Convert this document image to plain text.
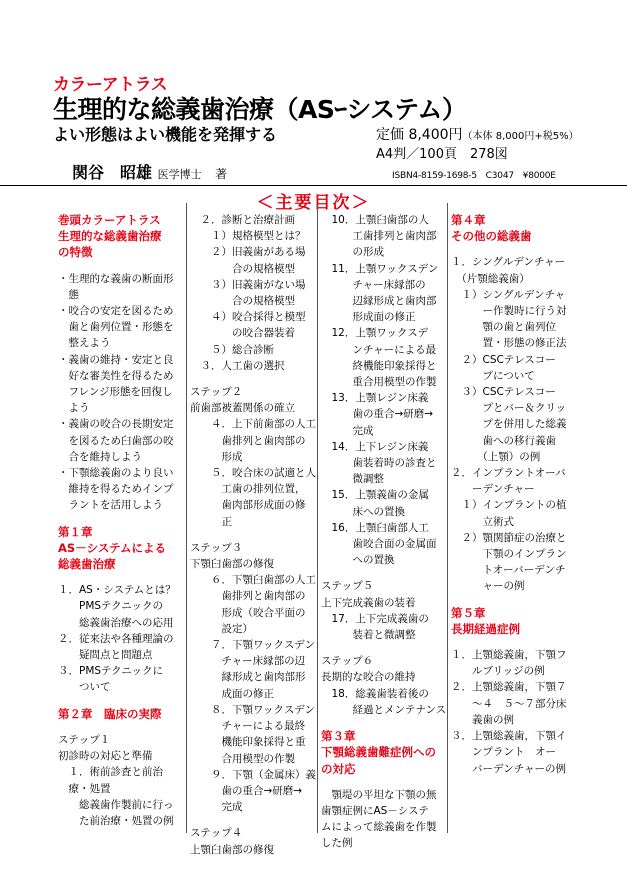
カラーアトラス
生理的な総義歯治療（ASｰシステム）
よい形態はよい機能を発揮する	定価 8,400円（本体 8,000円+税5%）
A4判／100頁　278図
関谷　昭雄 医学博士 著	ISBN4-8159-1698-5　C3047　¥8000E
＜主要目次＞
巻頭カラーアトラス
生理的な総義歯治療
の特徴
・生理的な義歯の断面形
　態
・咬合の安定を図るため
　歯と歯列位置・形態を
　整えよう
・義歯の維持・安定と良
　好な審美性を得るため
　フレンジ形態を回復し
　よう
・義歯の咬合の長期安定
　を図るため臼歯部の咬
　合を維持しよう
・下顎総義歯のより良い
　維持を得るためインプ
　ラントを活用しよう
第１章
AS－システムによる
総義歯治療
１．AS・システムとは？
　　PMSテクニックの
　　総義歯治療への応用
２．従来法や各種理論の
　　疑問点と問題点
３．PMSテクニックに
　　ついて
第２章　臨床の実際
ステップ１
初診時の対応と準備
　１．術前診査と前治
　療・処置
　　総義歯作製前に行っ
　　た前治療・処置の例
　２．診断と治療計画
　　１）規格模型とは？
　　２）旧義歯がある場
　　　　合の規格模型
　　３）旧義歯がない場
　　　　合の規格模型
　　４）咬合採得と模型
　　　　の咬合器装着
　　５）総合診断
　３．人工歯の選択
ステップ２
前歯部被蓋関係の確立
　　４．上下前歯部の人工
　　　歯排列と歯肉部の
　　　形成
　　５．咬合床の試適と人
　　　工歯の排列位置，
　　　歯肉部形成面の修
　　　正
ステップ３
下顎臼歯部の修復
　　６．下顎臼歯部の人工
　　　歯排列と歯肉部の
　　　形成（咬合平面の
　　　設定）
　　７．下顎ワックスデン
　　　チャー床縁部の辺
　　　縁形成と歯肉部形
　　　成面の修正
　　８．下顎ワックスデン
　　　チャーによる最終
　　　機能印象採得と重
　　　合用模型の作製
　　９．下顎（金属床）義
　　　歯の重合→研磨→
　　　完成
ステップ４
上顎臼歯部の修復
　10．上顎臼歯部の人
　　　工歯排列と歯肉部
　　　の形成
　11．上顎ワックスデン
　　　チャー床縁部の
　　　辺縁形成と歯肉部
　　　形成面の修正
　12．上顎ワックスデ
　　　ンチャーによる最
　　　終機能印象採得と
　　　重合用模型の作製
　13．上顎レジン床義
　　　歯の重合→研磨→
　　　完成
　14．上下レジン床義
　　　歯装着時の診査と
　　　微調整
　15．上顎義歯の金属
　　　床への置換
　16．上顎臼歯部人工
　　　歯咬合面の金属面
　　　への置換
ステップ５
上下完成義歯の装着
　17．上下完成義歯の
　　　装着と微調整
ステップ６
長期的な咬合の維持
　18．総義歯装着後の
　　　経過とメンテナンス
第３章
下顎総義歯難症例への
の対応
　顎堤の平坦な下顎の無
歯顎症例にAS－システ
ムによって総義歯を作製
した例
第４章
その他の総義歯
１．シングルデンチャー
　（片顎総義歯）
　１）シングルデンチャ
　　　ー作製時に行う対
　　　顎の歯と歯列位
　　　置・形態の修正法
　２）CSCテレスコー
　　　プについて
　３）CSCテレスコー
　　　プとバー＆クリッ
　　　プを併用した総義
　　　歯への移行義歯
　　　（上顎）の例
２．インプラントオーバ
　　ーデンチャー
　１）インプラントの植
　　　立術式
　２）顎関節症の治療と
　　　下顎のインプラン
　　　トオーバーデンチ
　　　ャーの例
第５章
長期経過症例
１．上顎総義歯，下顎フ
　　ルブリッジの例
２．上顎総義歯，下顎７
　　～４　５～７部分床
　　義歯の例
３．上顎総義歯，下顎イ
　　ンプラント　オー
　　バーデンチャーの例
